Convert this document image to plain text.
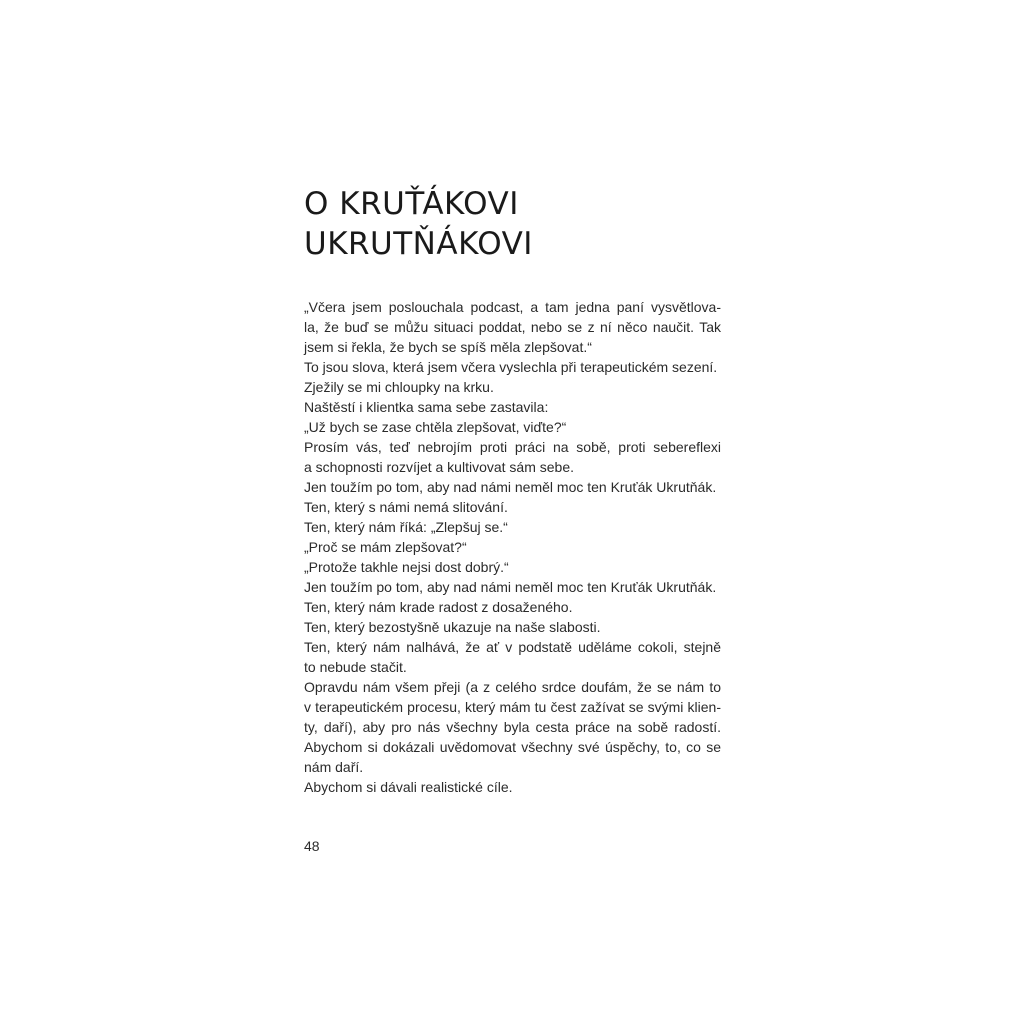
O KRUŤÁKOVI
UKRUTŇÁKOVI
„Včera jsem poslouchala podcast, a tam jedna paní vysvětlova-
la, že buď se můžu situaci poddat, nebo se z ní něco naučit. Tak
jsem si řekla, že bych se spíš měla zlepšovat.“
To jsou slova, která jsem včera vyslechla při terapeutickém sezení.
Zježily se mi chloupky na krku.
Naštěstí i klientka sama sebe zastavila:
„Už bych se zase chtěla zlepšovat, viďte?“
Prosím vás, teď nebrojím proti práci na sobě, proti sebereflexi
a schopnosti rozvíjet a kultivovat sám sebe.
Jen toužím po tom, aby nad námi neměl moc ten Kruťák Ukrutňák.
Ten, který s námi nemá slitování.
Ten, který nám říká: „Zlepšuj se.“
„Proč se mám zlepšovat?“
„Protože takhle nejsi dost dobrý.“
Jen toužím po tom, aby nad námi neměl moc ten Kruťák Ukrutňák.
Ten, který nám krade radost z dosaženého.
Ten, který bezostyšně ukazuje na naše slabosti.
Ten, který nám nalhává, že ať v podstatě uděláme cokoli, stejně
to nebude stačit.
Opravdu nám všem přeji (a z celého srdce doufám, že se nám to
v terapeutickém procesu, který mám tu čest zažívat se svými klien-
ty, daří), aby pro nás všechny byla cesta práce na sobě radostí.
Abychom si dokázali uvědomovat všechny své úspěchy, to, co se
nám daří.
Abychom si dávali realistické cíle.
48
